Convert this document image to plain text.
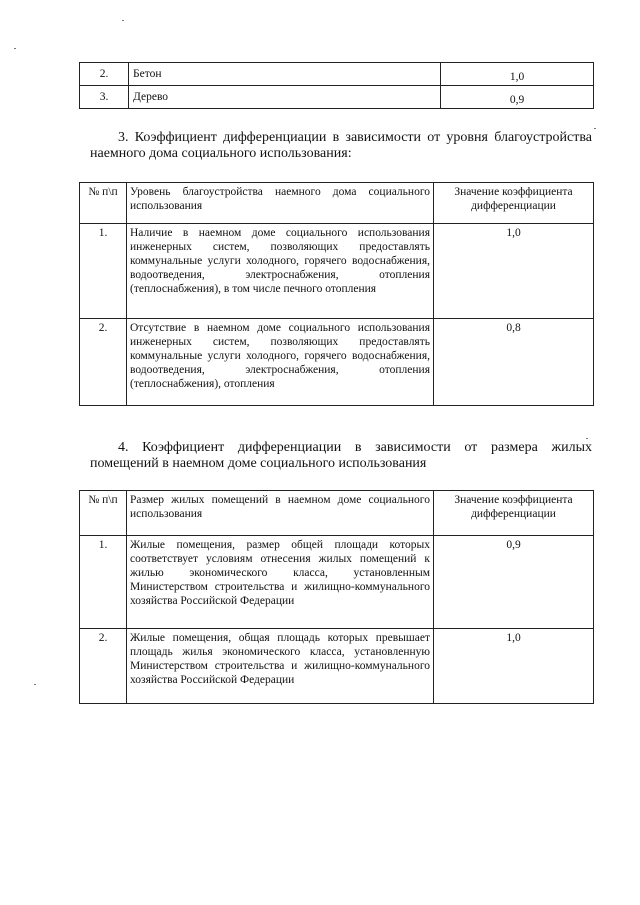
2.	Бетон	1,0
3.	Дерево	0,9
3. Коэффициент дифференциации в зависимости от уровня благоустройства наемного дома социального использования:
№ п\п	Уровень благоустройства наемного дома социального использования	Значение коэффициента дифференциации
1.	Наличие в наемном доме социального использования инженерных систем, позволяющих предоставлять коммунальные услуги холодного, горячего водоснабжения, водоотведения, электроснабжения, отопления (теплоснабжения), в том числе печного отопления	1,0
2.	Отсутствие в наемном доме социального использования инженерных систем, позволяющих предоставлять коммунальные услуги холодного, горячего водоснабжения, водоотведения, электроснабжения, отопления (теплоснабжения), отопления	0,8
4. Коэффициент дифференциации в зависимости от размера жилых помещений в наемном доме социального использования
№ п\п	Размер жилых помещений в наемном доме социального использования	Значение коэффициента дифференциации
1.	Жилые помещения, размер общей площади которых соответствует условиям отнесения жилых помещений к жилью экономического класса, установленным Министерством строительства и жилищно-коммунального хозяйства Российской Федерации	0,9
2.	Жилые помещения, общая площадь которых превышает площадь жилья экономического класса, установленную Министерством строительства и жилищно-коммунального хозяйства Российской Федерации	1,0
